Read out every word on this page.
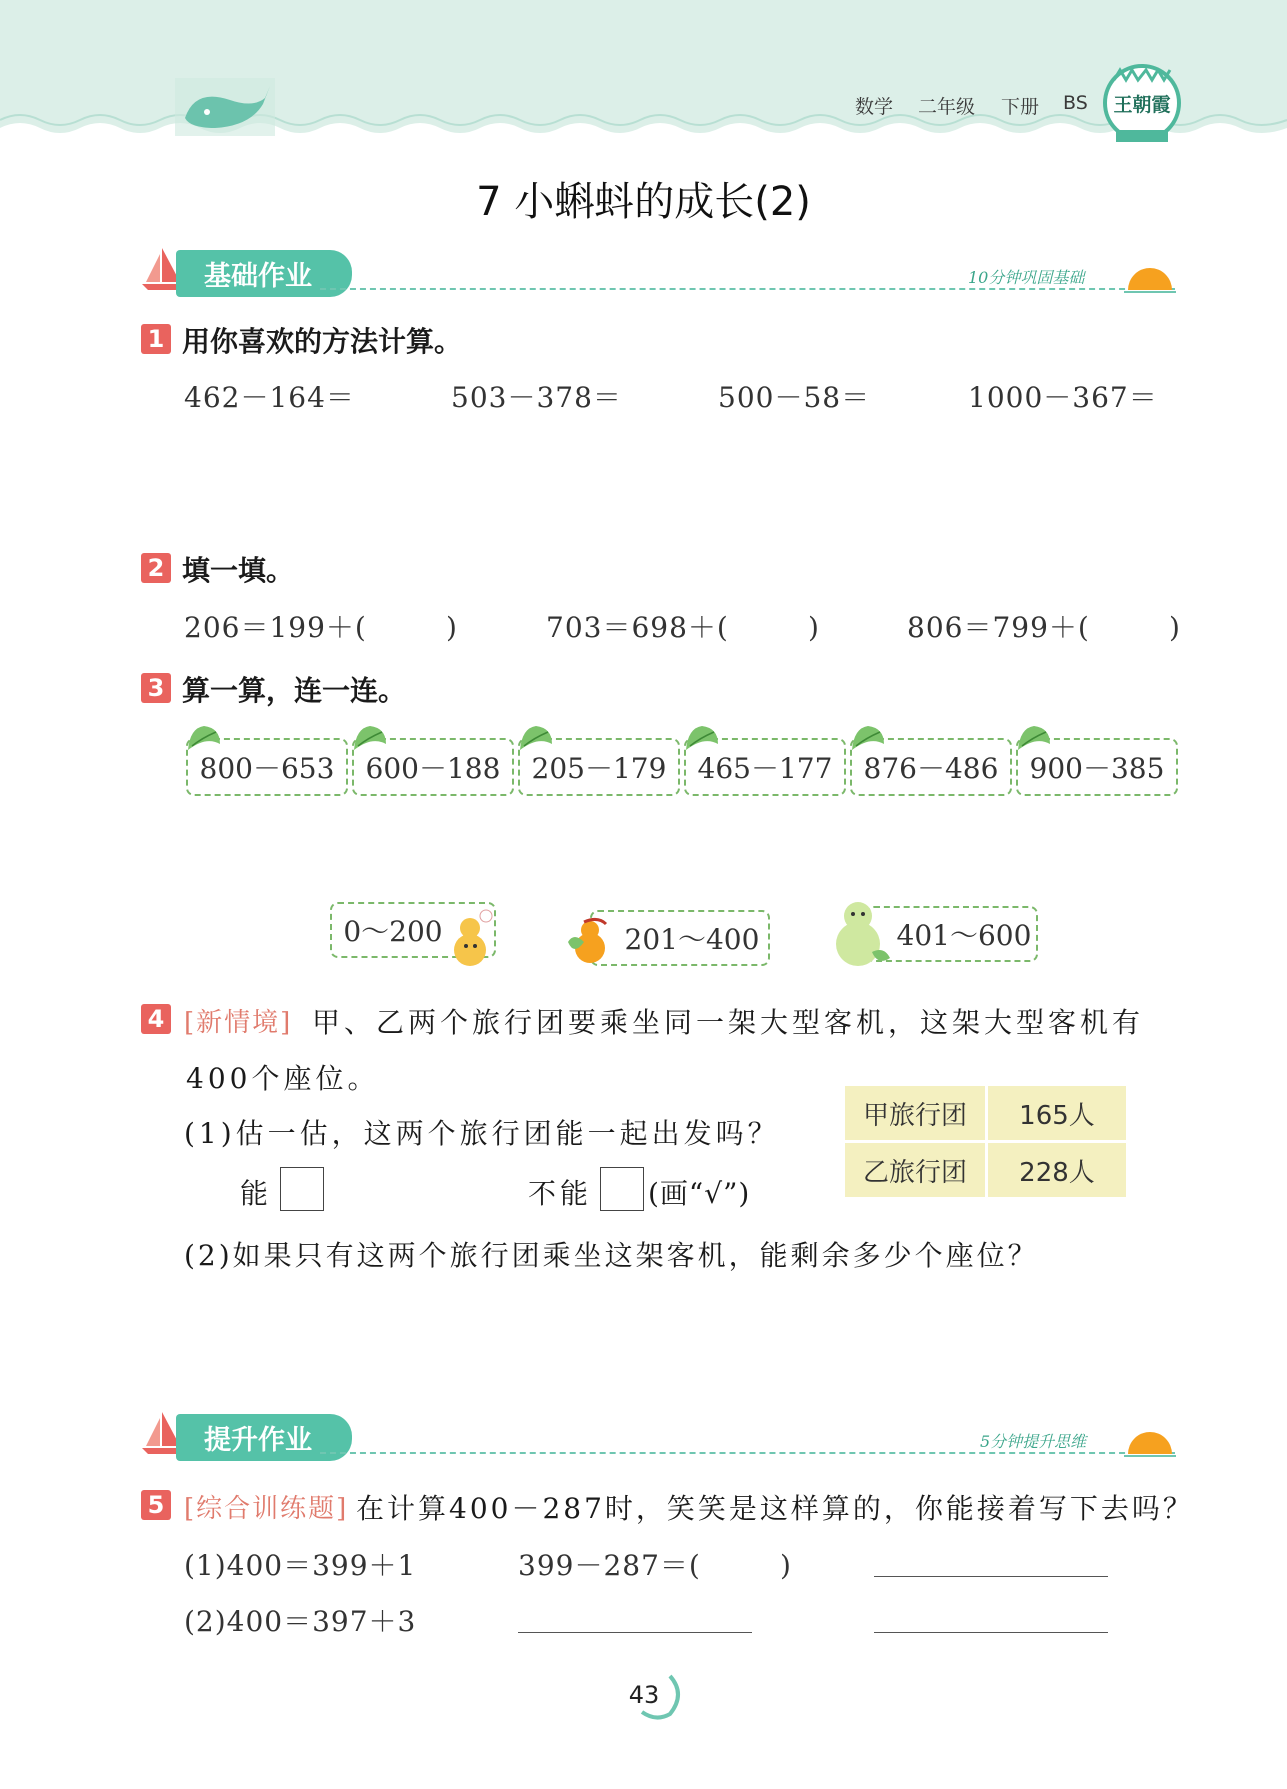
数学 二年级 下册 BS	王朝霞
7 小蝌蚪的成长(2)
基础作业	10分钟巩固基础
1 用你喜欢的方法计算。
462－164＝	503－378＝	500－58＝	1000－367＝
2 填一填。
206＝199＋(        )	703＝698＋(        )	806＝799＋(        )
3 算一算，连一连。
800－653	600－188	205－179	465－177	876－486	900－385
0～200	201～400	401～600
4 [新情境] 甲、乙两个旅行团要乘坐同一架大型客机，这架大型客机有
400个座位。
(1)估一估，这两个旅行团能一起出发吗？
能	不能 (画“√”)
甲旅行团	165人
乙旅行团	228人
(2)如果只有这两个旅行团乘坐这架客机，能剩余多少个座位？
提升作业	5分钟提升思维
5 [综合训练题] 在计算400－287时，笑笑是这样算的，你能接着写下去吗？
(1)400＝399＋1	399－287＝(        )
(2)400＝397＋3
43
